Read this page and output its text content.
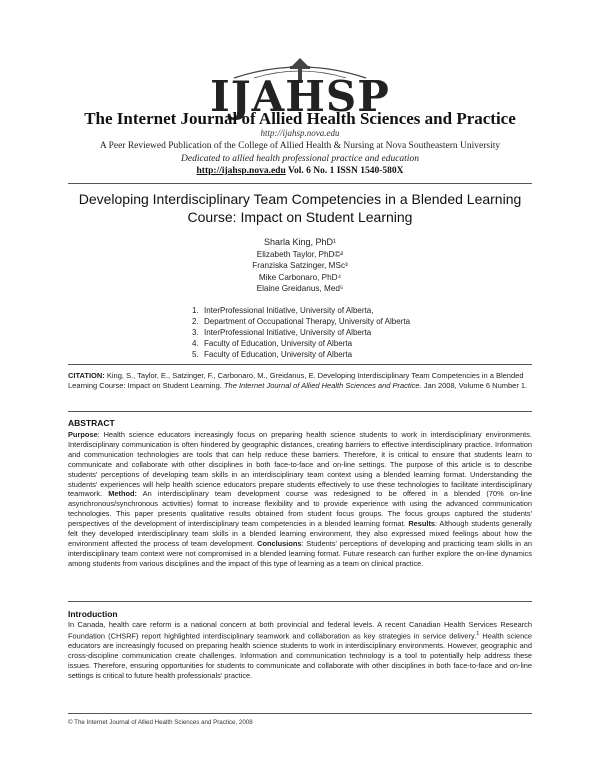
IJAHSP
The Internet Journal of Allied Health Sciences and Practice
http://ijahsp.nova.edu
A Peer Reviewed Publication of the College of Allied Health & Nursing at Nova Southeastern University
Dedicated to allied health professional practice and education
http://ijahsp.nova.edu Vol. 6 No. 1 ISSN 1540-580X
Developing Interdisciplinary Team Competencies in a Blended Learning Course: Impact on Student Learning
Sharla King, PhD¹
Elizabeth Taylor, PhD©²
Franziska Satzinger, MSc³
Mike Carbonaro, PhD⁴
Elaine Greidanus, Med⁵
1. InterProfessional Initiative, University of Alberta,
2. Department of Occupational Therapy, University of Alberta
3. InterProfessional Initiative, University of Alberta
4. Faculty of Education, University of Alberta
5. Faculty of Education, University of Alberta
CITATION: King, S., Taylor, E., Satzinger, F., Carbonaro, M., Greidanus, E. Developing Interdisciplinary Team Competencies in a Blended Learning Course: Impact on Student Learning. The Internet Journal of Allied Health Sciences and Practice. Jan 2008, Volume 6 Number 1.
ABSTRACT

Purpose: Health science educators increasingly focus on preparing health science students to work in interdisciplinary environments. Interdisciplinary communication is often hindered by geographic distances, creating barriers to effective interdisciplinary practice. Information and communication technologies are tools that can help reduce these barriers. Therefore, it is critical to ensure that students learn to communicate and collaborate with other disciplines in both face-to-face and on-line settings. The purpose of this article is to describe students' perceptions of developing team skills in an interdisciplinary team context using a blended learning format. Understanding the students' experiences will help health science educators prepare students effectively to use these technologies to facilitate interdisciplinary teamwork. Method: An interdisciplinary team development course was redesigned to be offered in a blended (70% on-line asynchronous/synchronous activities) format to increase flexibility and to provide experience with using the advanced communication technologies. This paper presents qualitative results obtained from student focus groups. The focus groups captured the students' perspectives of the development of interdisciplinary team competencies in a blended learning format. Results: Although students generally felt they developed interdisciplinary team skills in a blended learning environment, they also expressed mixed feelings about how the environment affected the process of team development. Conclusions: Students' perceptions of developing and practicing team skills in an interdisciplinary team context were not compromised in a blended learning format. Future research can further explore the on-line dynamics among students from various disciplines and the impact of this type of learning as a team on clinical practice.

Introduction

In Canada, health care reform is a national concern at both provincial and federal levels. A recent Canadian Health Services Research Foundation (CHSRF) report highlighted interdisciplinary teamwork and collaboration as key strategies in service delivery.$^1$ Health science educators are increasingly focused on preparing health science students to work in interdisciplinary environments. However, geographic and cross-discipline communication create challenges. Information and communication technology is a tool to potentially help address these issues. Therefore, ensuring opportunities for students to communicate and collaborate with other disciplines in both face-to-face and on-line settings is critical to future health professionals' practice.

© The Internet Journal of Allied Health Sciences and Practice, 2008
